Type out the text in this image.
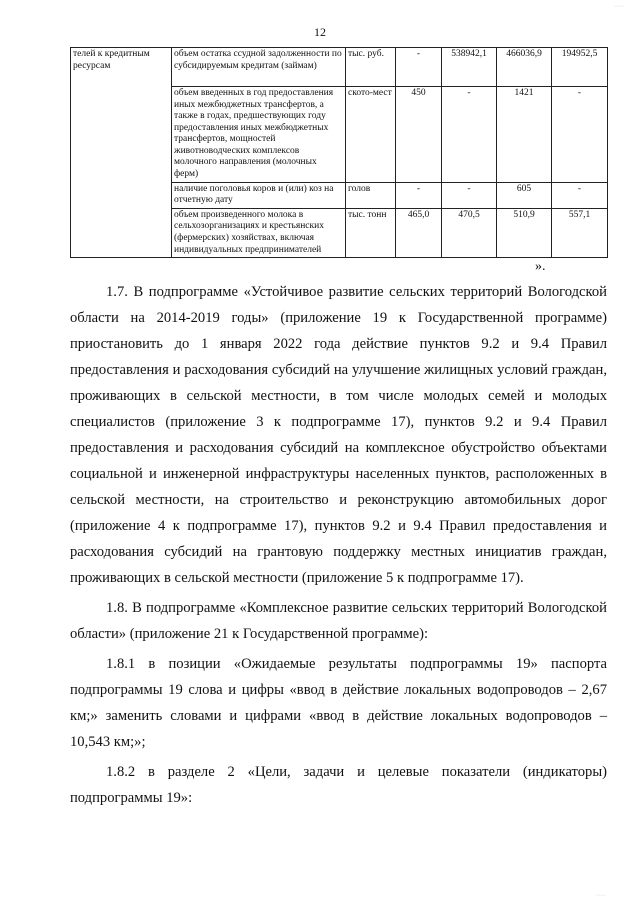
12
телей к кредитным ресурсам	объем остатка ссудной задолженности по субсидируемым кредитам (займам)	тыс. руб.	-	538942,1	466036,9	194952,5
	объем введенных в год предоставления иных межбюджетных трансфертов, а также в годах, предшествующих году предоставления иных межбюджетных трансфертов, мощностей животноводческих комплексов молочного направления (молочных ферм)	ското-мест	450	-	1421	-
	наличие поголовья коров и (или) коз на отчетную дату	голов	-	-	605	-
	объем произведенного молока в сельхозорганизациях и крестьянских (фермерских) хозяйствах, включая индивидуальных предпринимателей	тыс. тонн	465,0	470,5	510,9	557,1
».

1.7. В подпрограмме «Устойчивое развитие сельских территорий Вологодской области на 2014-2019 годы» (приложение 19 к Государственной программе) приостановить до 1 января 2022 года действие пунктов 9.2 и 9.4 Правил предоставления и расходования субсидий на улучшение жилищных условий граждан, проживающих в сельской местности, в том числе молодых семей и молодых специалистов (приложение 3 к подпрограмме 17), пунктов 9.2 и 9.4 Правил предоставления и расходования субсидий на комплексное обустройство объектами социальной и инженерной инфраструктуры населенных пунктов, расположенных в сельской местности, на строительство и реконструкцию автомобильных дорог (приложение 4 к подпрограмме 17), пунктов 9.2 и 9.4 Правил предоставления и расходования субсидий на грантовую поддержку местных инициатив граждан, проживающих в сельской местности (приложение 5 к подпрограмме 17).

1.8. В подпрограмме «Комплексное развитие сельских территорий Вологодской области» (приложение 21 к Государственной программе):

1.8.1 в позиции «Ожидаемые результаты подпрограммы 19» паспорта подпрограммы 19 слова и цифры «ввод в действие локальных водопроводов – 2,67 км;» заменить словами и цифрами «ввод в действие локальных водопроводов – 10,543 км;»;

1.8.2 в разделе 2 «Цели, задачи и целевые показатели (индикаторы) подпрограммы 19»:

·····
·····
